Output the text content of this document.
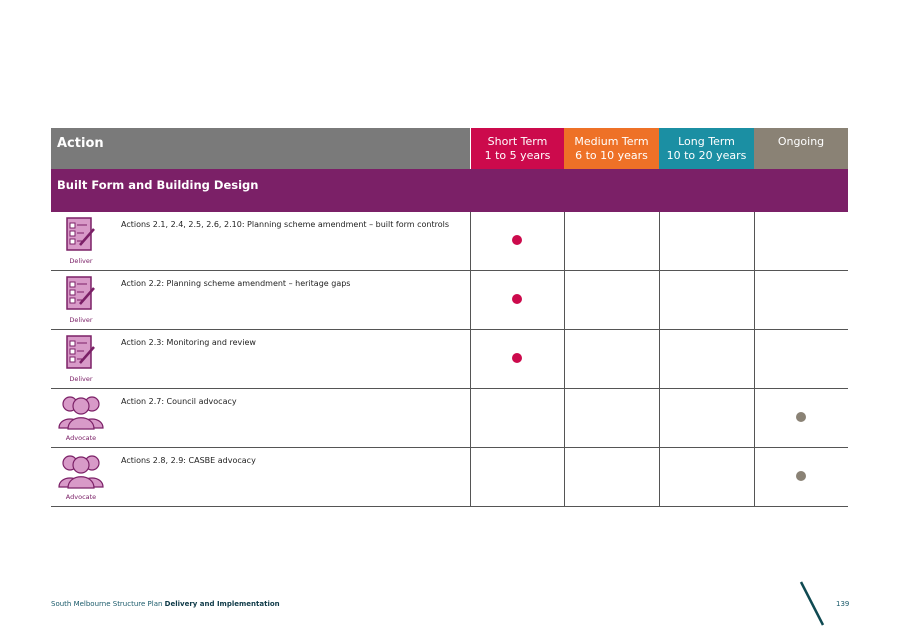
Action	Short Term
1 to 5 years
Medium Term
6 to 10 years
Long Term
10 to 20 years
Ongoing
Built Form and Building Design
Deliver
Actions 2.1, 2.4, 2.5, 2.6, 2.10: Planning scheme amendment – built form controls
Deliver
Action 2.2: Planning scheme amendment – heritage gaps
Deliver
Action 2.3: Monitoring and review
Advocate
Action 2.7: Council advocacy
Advocate
Actions 2.8, 2.9: CASBE advocacy
South Melbourne Structure Plan Delivery and Implementation	139
